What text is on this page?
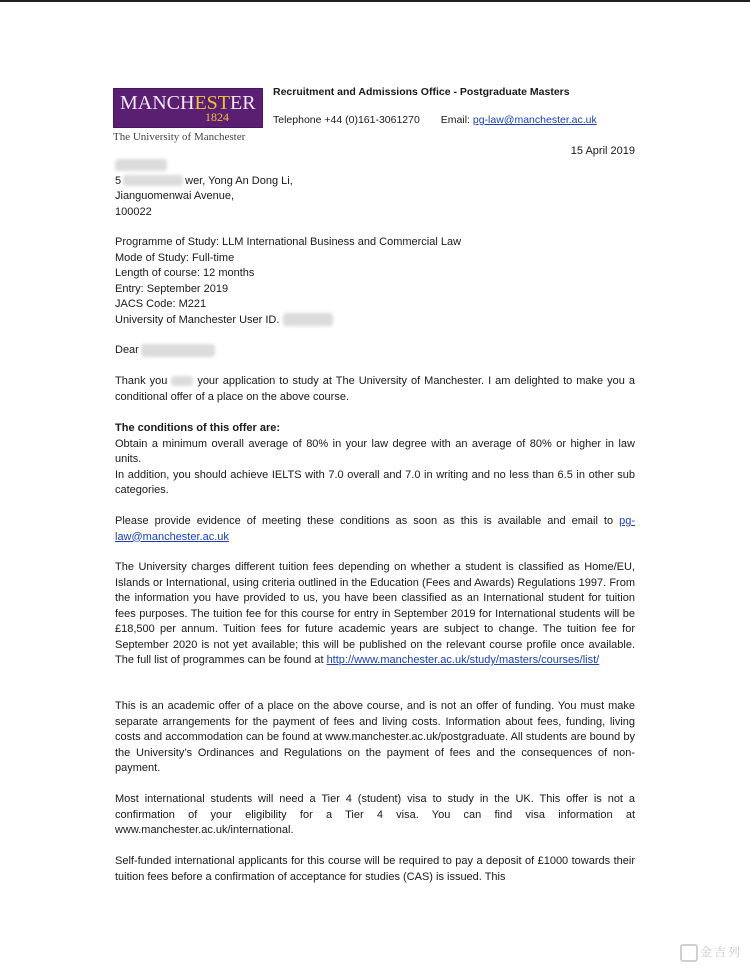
MANCHESTER
1824
The University of Manchester
Recruitment and Admissions Office - Postgraduate Masters
Telephone +44 (0)161-3061270 Email: pg-law@manchester.ac.uk
15 April 2019
5	wer, Yong An Dong Li,
Jianguomenwai Avenue,
100022
Programme of Study: LLM International Business and Commercial Law
Mode of Study: Full-time
Length of course: 12 months
Entry: September 2019
JACS Code: M221
University of Manchester User ID.
Dear
Thank you  your application to study at The University of Manchester. I am delighted to make you a conditional offer of a place on the above course.
The conditions of this offer are:
Obtain a minimum overall average of 80% in your law degree with an average of 80% or higher in law units.
In addition, you should achieve IELTS with 7.0 overall and 7.0 in writing and no less than 6.5 in other sub categories.
Please provide evidence of meeting these conditions as soon as this is available and email to pg-law@manchester.ac.uk
The University charges different tuition fees depending on whether a student is classified as Home/EU, Islands or International, using criteria outlined in the Education (Fees and Awards) Regulations 1997. From the information you have provided to us, you have been classified as an International student for tuition fees purposes. The tuition fee for this course for entry in September 2019 for International students will be £18,500 per annum. Tuition fees for future academic years are subject to change. The tuition fee for September 2020 is not yet available; this will be published on the relevant course profile once available. The full list of programmes can be found at http://www.manchester.ac.uk/study/masters/courses/list/
This is an academic offer of a place on the above course, and is not an offer of funding. You must make separate arrangements for the payment of fees and living costs. Information about fees, funding, living costs and accommodation can be found at www.manchester.ac.uk/postgraduate. All students are bound by the University’s Ordinances and Regulations on the payment of fees and the consequences of non-payment.
Most international students will need a Tier 4 (student) visa to study in the UK. This offer is not a confirmation of your eligibility for a Tier 4 visa. You can find visa information at www.manchester.ac.uk/international.
Self-funded international applicants for this course will be required to pay a deposit of £1000 towards their tuition fees before a confirmation of acceptance for studies (CAS) is issued. This
金吉列
